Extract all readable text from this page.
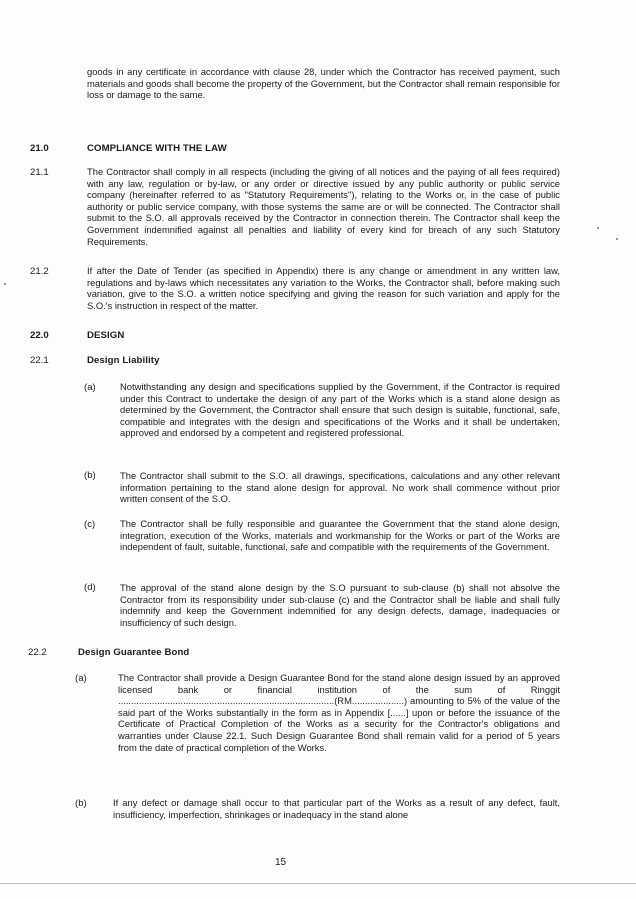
goods in any certificate in accordance with clause 28, under which the Contractor has received payment, such materials and goods shall become the property of the Government, but the Contractor shall remain responsible for loss or damage to the same.

21.0	COMPLIANCE WITH THE LAW
21.1	The Contractor shall comply in all respects (including the giving of all notices and the paying of all fees required) with any law, regulation or by-law, or any order or directive issued by any public authority or public service company (hereinafter referred to as "Statutory Requirements"), relating to the Works or, in the case of public authority or public service company, with those systems the same are or will be connected. The Contractor shall submit to the S.O. all approvals received by the Contractor in connection therein. The Contractor shall keep the Government indemnified against all penalties and liability of every kind for breach of any such Statutory Requirements.

21.2	If after the Date of Tender (as specified in Appendix) there is any change or amendment in any written law, regulations and by-laws which necessitates any variation to the Works, the Contractor shall, before making such variation, give to the S.O. a written notice specifying and giving the reason for such variation and apply for the S.O.'s instruction in respect of the matter.

22.0	DESIGN
22.1	Design Liability
(a)	Notwithstanding any design and specifications supplied by the Government, if the Contractor is required under this Contract to undertake the design of any part of the Works which is a stand alone design as determined by the Government, the Contractor shall ensure that such design is suitable, functional, safe, compatible and integrates with the design and specifications of the Works and it shall be undertaken, approved and endorsed by a competent and registered professional.

(b)	The Contractor shall submit to the S.O. all drawings, specifications, calculations and any other relevant information pertaining to the stand alone design for approval. No work shall commence without prior written consent of the S.O.

(c)	The Contractor shall be fully responsible and guarantee the Government that the stand alone design, integration, execution of the Works, materials and workmanship for the Works or part of the Works are independent of fault, suitable, functional, safe and compatible with the requirements of the Government.

(d)	The approval of the stand alone design by the S.O pursuant to sub-clause (b) shall not absolve the Contractor from its responsibility under sub-clause (c) and the Contractor shall be liable and shall fully indemnify and keep the Government indemnified for any design defects, damage, inadequacies or insufficiency of such design.

22.2	Design Guarantee Bond
(a)	The Contractor shall provide a Design Guarantee Bond for the stand alone design issued by an approved licensed bank or financial institution of the sum of Ringgit ...................................................................................(RM....................) amounting to 5% of the value of the said part of the Works substantially in the form as in Appendix [......] upon or before the issuance of the Certificate of Practical Completion of the Works as a security for the Contractor's obligations and warranties under Clause 22.1. Such Design Guarantee Bond shall remain valid for a period of 5 years from the date of practical completion of the Works.

(b)	If any defect or damage shall occur to that particular part of the Works as a result of any defect, fault, insufficiency, imperfection, shrinkages or inadequacy in the stand alone

15
